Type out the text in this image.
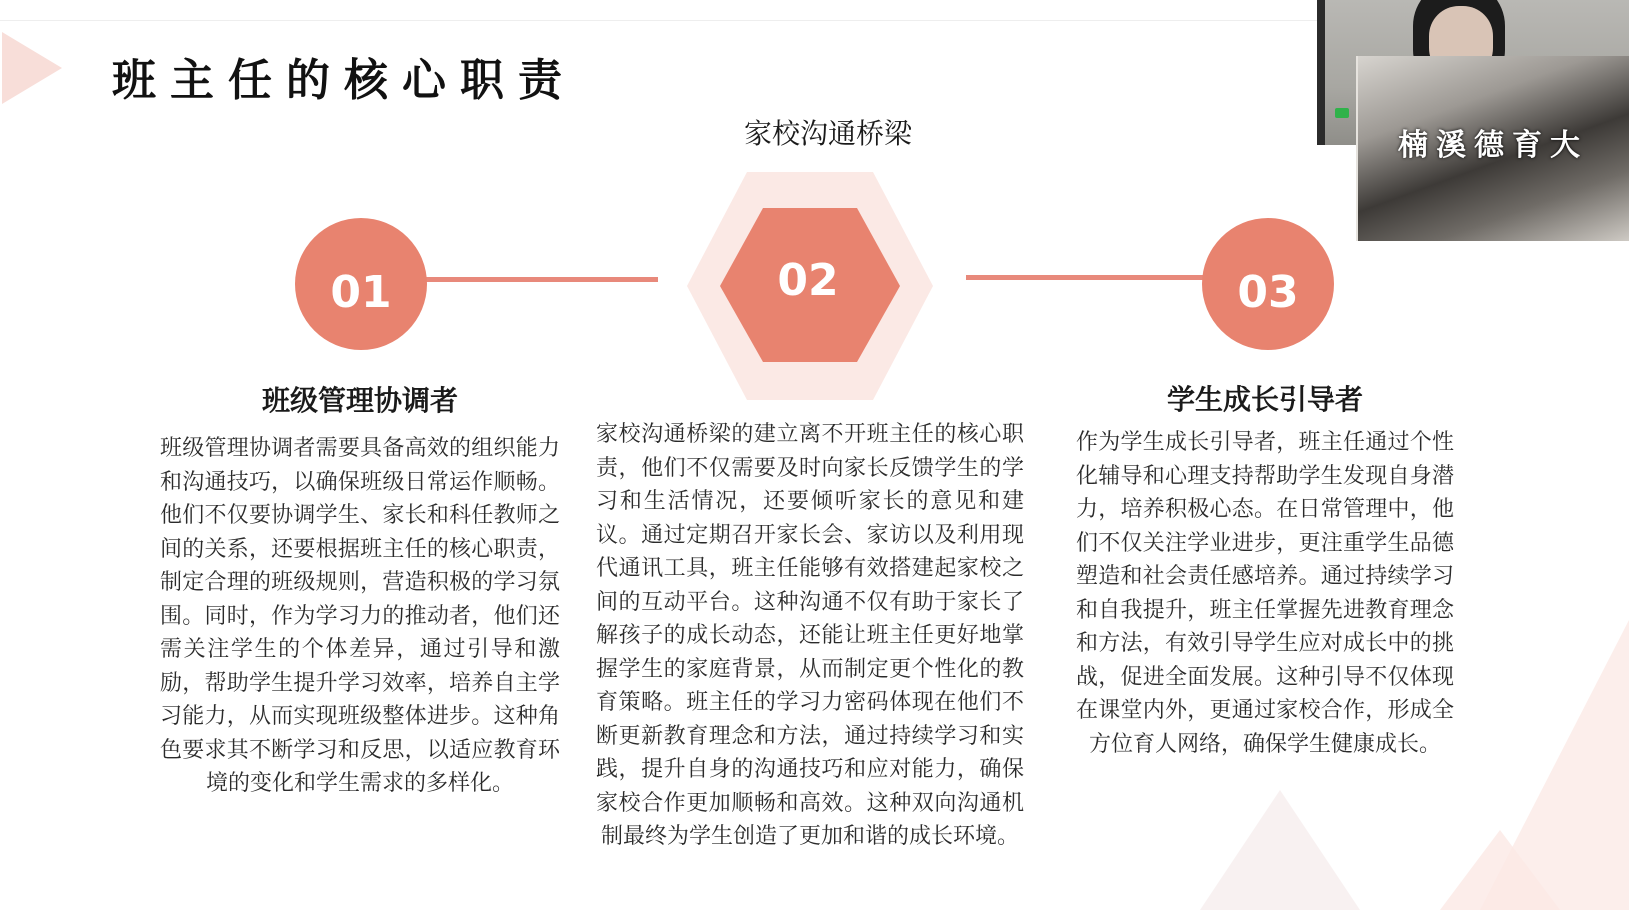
班主任的核心职责
家校沟通桥梁
01	02	03
班级管理协调者	学生成长引导者
班级管理协调者需要具备高效的组织能力和沟通技巧，以确保班级日常运作顺畅。他们不仅要协调学生、家长和科任教师之间的关系，还要根据班主任的核心职责，制定合理的班级规则，营造积极的学习氛围。同时，作为学习力的推动者，他们还需关注学生的个体差异，通过引导和激励，帮助学生提升学习效率，培养自主学习能力，从而实现班级整体进步。这种角色要求其不断学习和反思，以适应教育环境的变化和学生需求的多样化。
家校沟通桥梁的建立离不开班主任的核心职责，他们不仅需要及时向家长反馈学生的学习和生活情况，还要倾听家长的意见和建议。通过定期召开家长会、家访以及利用现代通讯工具，班主任能够有效搭建起家校之间的互动平台。这种沟通不仅有助于家长了解孩子的成长动态，还能让班主任更好地掌握学生的家庭背景，从而制定更个性化的教育策略。班主任的学习力密码体现在他们不断更新教育理念和方法，通过持续学习和实践，提升自身的沟通技巧和应对能力，确保家校合作更加顺畅和高效。这种双向沟通机制最终为学生创造了更加和谐的成长环境。
作为学生成长引导者，班主任通过个性化辅导和心理支持帮助学生发现自身潜力，培养积极心态。在日常管理中，他们不仅关注学业进步，更注重学生品德塑造和社会责任感培养。通过持续学习和自我提升，班主任掌握先进教育理念和方法，有效引导学生应对成长中的挑战，促进全面发展。这种引导不仅体现在课堂内外，更通过家校合作，形成全方位育人网络，确保学生健康成长。
楠溪德育大
